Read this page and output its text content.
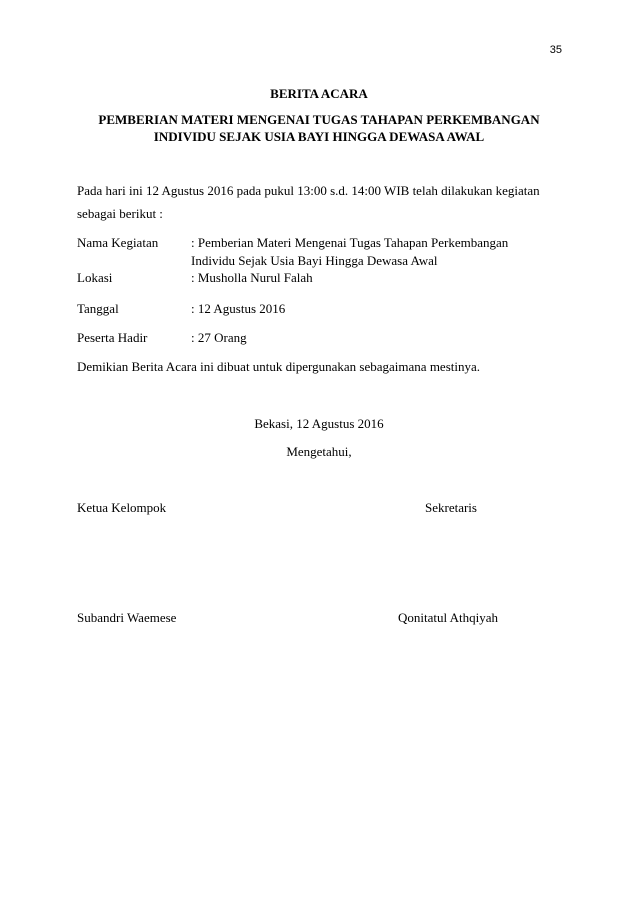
35
BERITA ACARA
PEMBERIAN MATERI MENGENAI TUGAS TAHAPAN PERKEMBANGAN
INDIVIDU SEJAK USIA BAYI HINGGA DEWASA AWAL
Pada hari ini 12 Agustus 2016 pada pukul 13:00 s.d. 14:00 WIB telah dilakukan kegiatan
sebagai berikut :
Nama Kegiatan	: Pemberian Materi Mengenai Tugas Tahapan Perkembangan
Individu Sejak Usia Bayi Hingga Dewasa Awal
Lokasi	: Musholla Nurul Falah
Tanggal	: 12 Agustus 2016
Peserta Hadir	: 27 Orang
Demikian Berita Acara ini dibuat untuk dipergunakan sebagaimana mestinya.
Bekasi, 12 Agustus 2016
Mengetahui,
Ketua Kelompok	Sekretaris
Subandri Waemese	Qonitatul Athqiyah
